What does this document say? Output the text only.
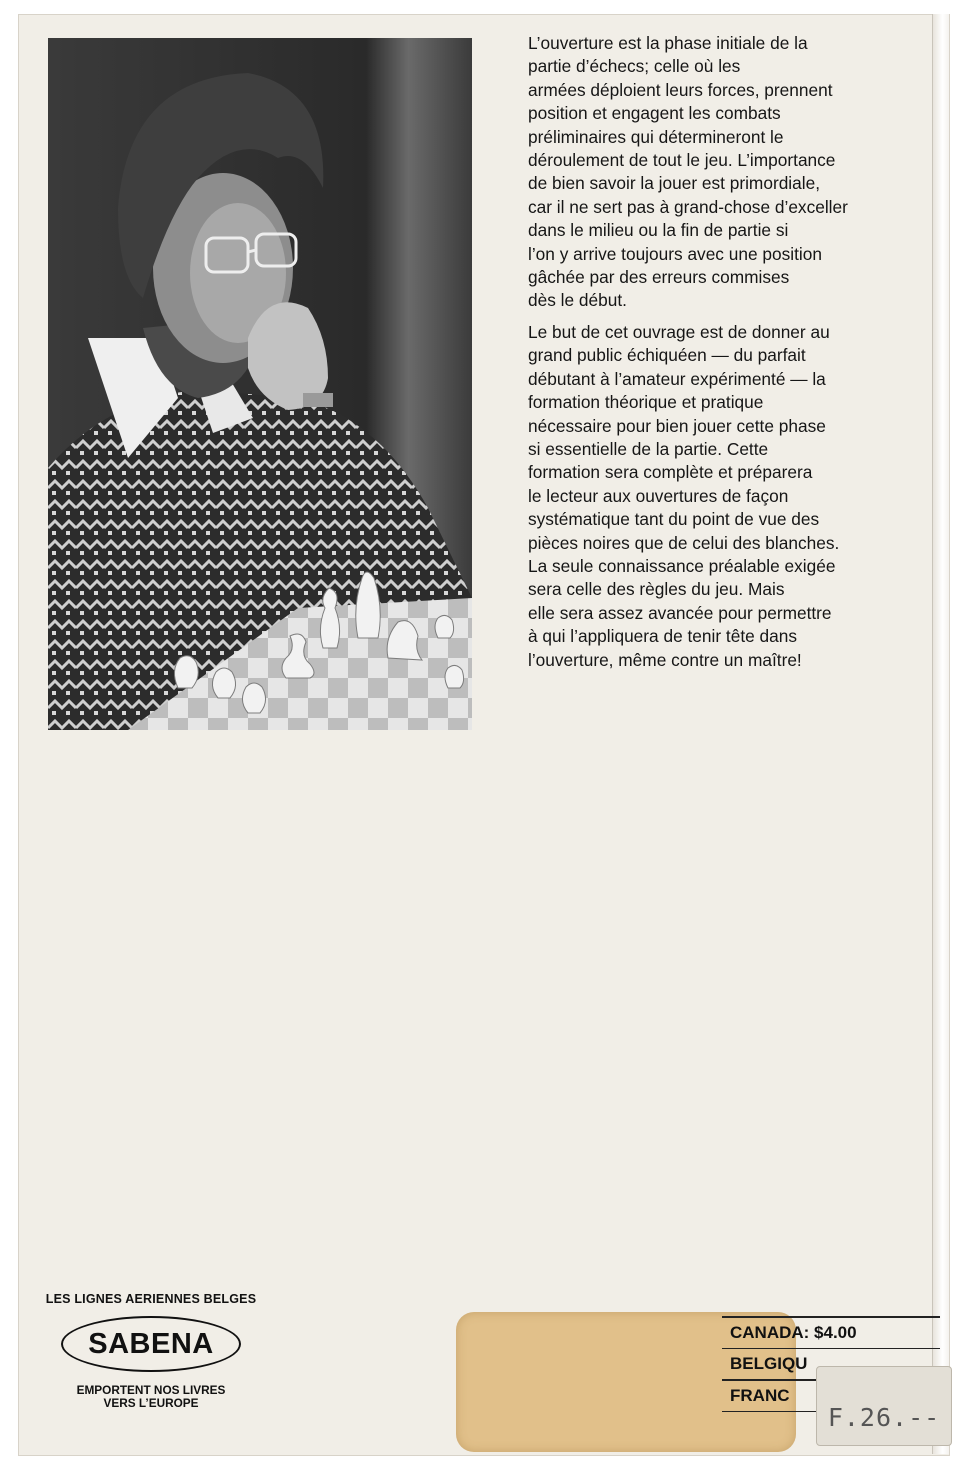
L’ouverture est la phase initiale de la
partie d’échecs; celle où les
armées déploient leurs forces, prennent
position et engagent les combats
préliminaires qui détermineront le
déroulement de tout le jeu. L’importance
de bien savoir la jouer est primordiale,
car il ne sert pas à grand-chose d’exceller
dans le milieu ou la fin de partie si
l’on y arrive toujours avec une position
gâchée par des erreurs commises
dès le début.

Le but de cet ouvrage est de donner au
grand public échiquéen — du parfait
débutant à l’amateur expérimenté — la
formation théorique et pratique
nécessaire pour bien jouer cette phase
si essentielle de la partie. Cette
formation sera complète et préparera
le lecteur aux ouvertures de façon
systématique tant du point de vue des
pièces noires que de celui des blanches.
La seule connaissance préalable exigée
sera celle des règles du jeu. Mais
elle sera assez avancée pour permettre
à qui l’appliquera de tenir tête dans
l’ouverture, même contre un maître!

LES LIGNES AERIENNES BELGES
SABENA
EMPORTENT NOS LIVRES
VERS L’EUROPE
CANADA: $4.00
BELGIQU
FRANC
F.26.--
